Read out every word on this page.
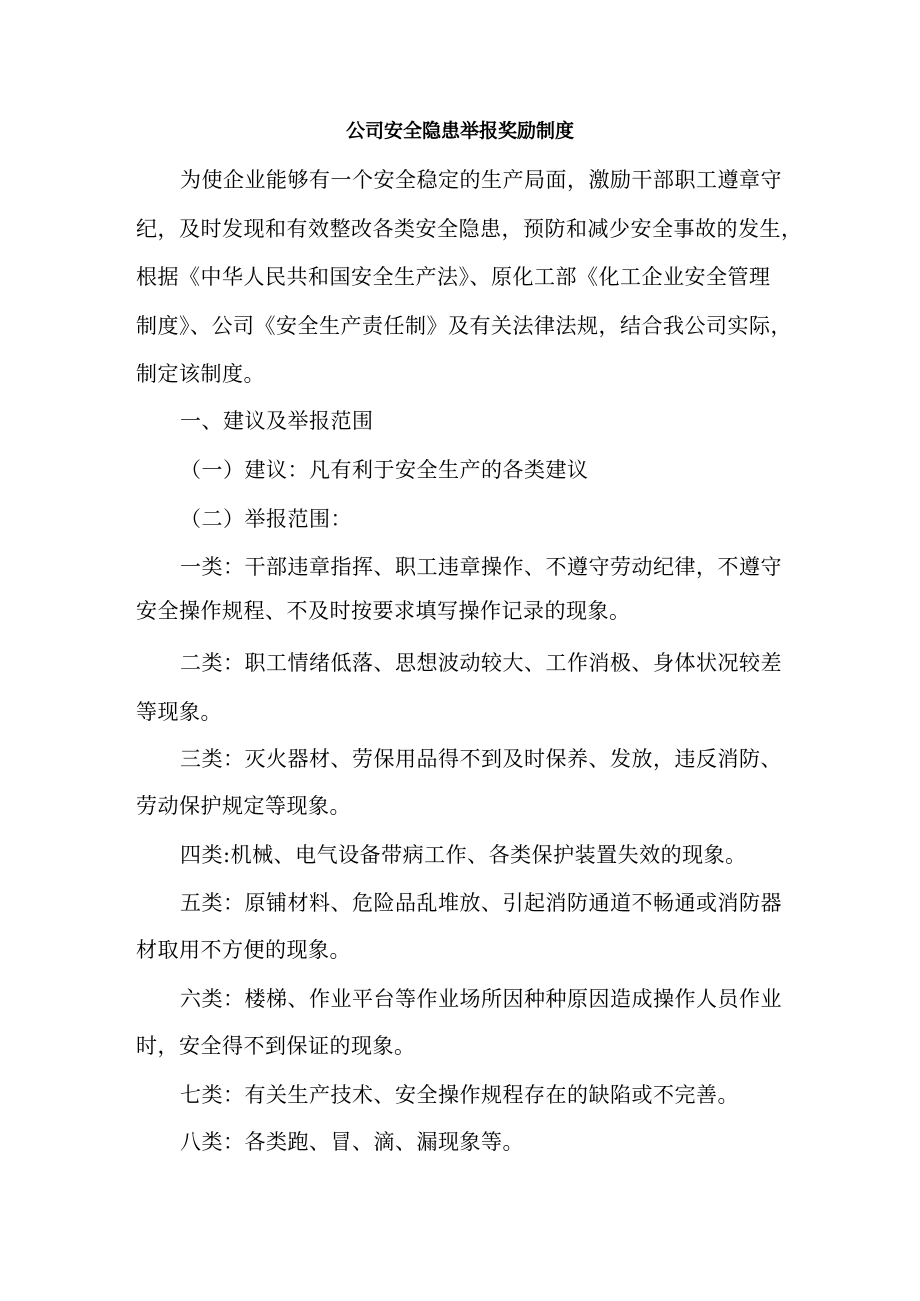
公司安全隐患举报奖励制度
为使企业能够有一个安全稳定的生产局面，激励干部职工遵章守
纪，及时发现和有效整改各类安全隐患，预防和减少安全事故的发生，
根据《中华人民共和国安全生产法》、原化工部《化工企业安全管理
制度》、公司《安全生产责任制》及有关法律法规，结合我公司实际，
制定该制度。
一、建议及举报范围
（一）建议：凡有利于安全生产的各类建议
（二）举报范围：
一类：干部违章指挥、职工违章操作、不遵守劳动纪律，不遵守
安全操作规程、不及时按要求填写操作记录的现象。
二类：职工情绪低落、思想波动较大、工作消极、身体状况较差
等现象。
三类：灭火器材、劳保用品得不到及时保养、发放，违反消防、
劳动保护规定等现象。
四类:机械、电气设备带病工作、各类保护装置失效的现象。
五类：原铺材料、危险品乱堆放、引起消防通道不畅通或消防器
材取用不方便的现象。
六类：楼梯、作业平台等作业场所因种种原因造成操作人员作业
时，安全得不到保证的现象。
七类：有关生产技术、安全操作规程存在的缺陷或不完善。
八类：各类跑、冒、滴、漏现象等。
